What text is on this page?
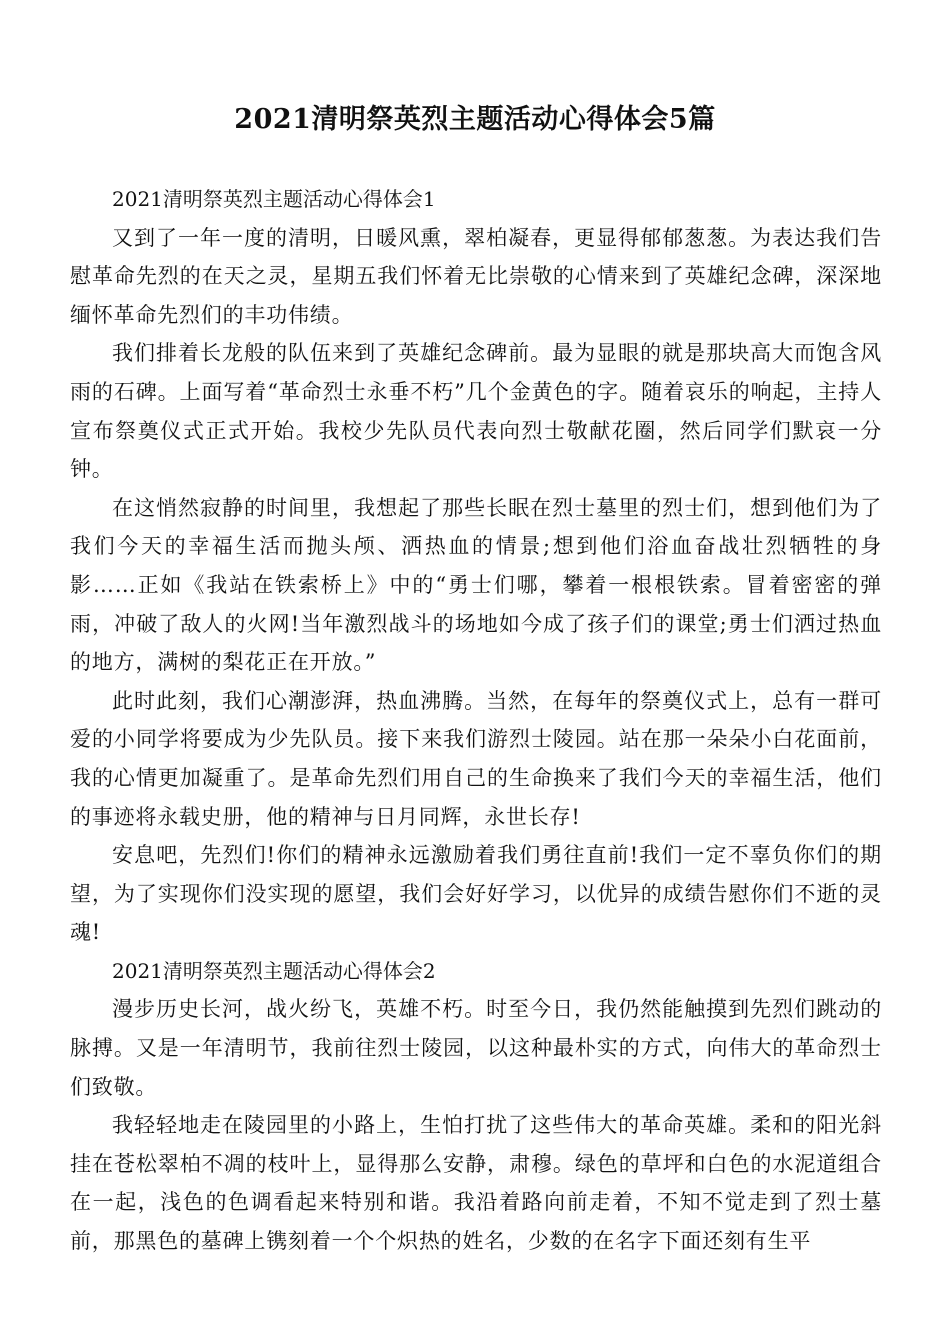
2021清明祭英烈主题活动心得体会5篇

2021清明祭英烈主题活动心得体会1

又到了一年一度的清明，日暖风熏，翠柏凝春，更显得郁郁葱葱。为表达我们告慰革命先烈的在天之灵，星期五我们怀着无比崇敬的心情来到了英雄纪念碑，深深地缅怀革命先烈们的丰功伟绩。

我们排着长龙般的队伍来到了英雄纪念碑前。最为显眼的就是那块高大而饱含风雨的石碑。上面写着“革命烈士永垂不朽”几个金黄色的字。随着哀乐的响起，主持人宣布祭奠仪式正式开始。我校少先队员代表向烈士敬献花圈，然后同学们默哀一分钟。

在这悄然寂静的时间里，我想起了那些长眠在烈士墓里的烈士们，想到他们为了我们今天的幸福生活而抛头颅、洒热血的情景;想到他们浴血奋战壮烈牺牲的身影……正如《我站在铁索桥上》中的“勇士们哪，攀着一根根铁索。冒着密密的弹雨，冲破了敌人的火网!当年激烈战斗的场地如今成了孩子们的课堂;勇士们洒过热血的地方，满树的梨花正在开放。”

此时此刻，我们心潮澎湃，热血沸腾。当然，在每年的祭奠仪式上，总有一群可爱的小同学将要成为少先队员。接下来我们游烈士陵园。站在那一朵朵小白花面前，我的心情更加凝重了。是革命先烈们用自己的生命换来了我们今天的幸福生活，他们的事迹将永载史册，他的精神与日月同辉，永世长存!

安息吧，先烈们!你们的精神永远激励着我们勇往直前!我们一定不辜负你们的期望，为了实现你们没实现的愿望，我们会好好学习，以优异的成绩告慰你们不逝的灵魂!

2021清明祭英烈主题活动心得体会2

漫步历史长河，战火纷飞，英雄不朽。时至今日，我仍然能触摸到先烈们跳动的脉搏。又是一年清明节，我前往烈士陵园，以这种最朴实的方式，向伟大的革命烈士们致敬。

我轻轻地走在陵园里的小路上，生怕打扰了这些伟大的革命英雄。柔和的阳光斜挂在苍松翠柏不凋的枝叶上，显得那么安静，肃穆。绿色的草坪和白色的水泥道组合在一起，浅色的色调看起来特别和谐。我沿着路向前走着，不知不觉走到了烈士墓前，那黑色的墓碑上镌刻着一个个炽热的姓名，少数的在名字下面还刻有生平
